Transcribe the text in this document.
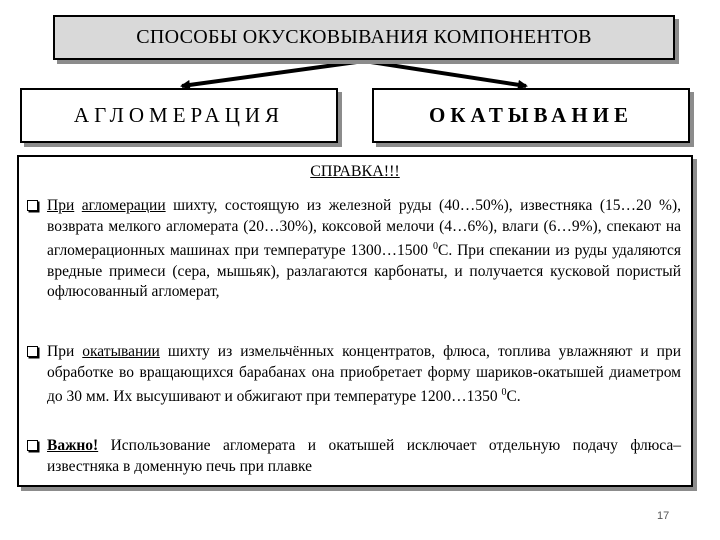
СПОСОБЫ ОКУСКОВЫВАНИЯ КОМПОНЕНТОВ
АГЛОМЕРАЦИЯ	ОКАТЫВАНИЕ
СПРАВКА!!!
При агломерации шихту, состоящую из железной руды (40…50%), известняка (15…20 %), возврата мелкого агломерата (20…30%), коксовой мелочи (4…6%), влаги (6…9%), спекают на агломерационных машинах при температуре 1300…1500 $^0$С. При спекании из руды удаляются вредные примеси (сера, мышьяк), разлагаются карбонаты, и получается кусковой пористый офлюсованный агломерат,
При окатывании шихту из измельчённых концентратов, флюса, топлива увлажняют и при обработке во вращающихся барабанах она приобретает форму шариков-окатышей диаметром до 30 мм. Их высушивают и обжигают при температуре 1200…1350 $^0$С.
Важно! Использование агломерата и окатышей исключает отдельную подачу флюса– известняка в доменную печь при плавке
17
